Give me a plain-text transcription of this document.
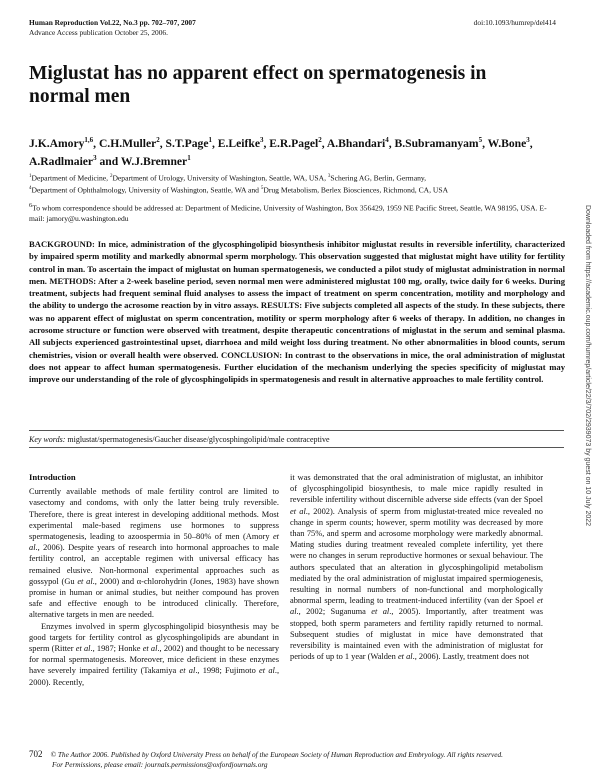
Human Reproduction Vol.22, No.3 pp. 702–707, 2007
Advance Access publication October 25, 2006.
doi:10.1093/humrep/del414
Miglustat has no apparent effect on spermatogenesis in normal men
J.K.Amory$^{1,6}$, C.H.Muller$^2$, S.T.Page$^1$, E.Leifke$^3$, E.R.Pagel$^2$, A.Bhandari$^4$, B.Subramanyam$^5$, W.Bone$^3$, A.Radlmaier$^3$ and W.J.Bremner$^1$
$^1$Department of Medicine, $^2$Department of Urology, University of Washington, Seattle, WA, USA, $^3$Schering AG, Berlin, Germany,
$^4$Department of Ophthalmology, University of Washington, Seattle, WA and $^5$Drug Metabolism, Berlex Biosciences, Richmond, CA, USA
$^6$To whom correspondence should be addressed at: Department of Medicine, University of Washington, Box 356429, 1959 NE Pacific Street, Seattle, WA 98195, USA. E-mail: jamory@u.washington.edu
BACKGROUND: In mice, administration of the glycosphingolipid biosynthesis inhibitor miglustat results in reversible infertility, characterized by impaired sperm motility and markedly abnormal sperm morphology. This observation suggested that miglustat might have utility for fertility control in man. To ascertain the impact of miglustat on human spermatogenesis, we conducted a pilot study of miglustat administration in normal men. METHODS: After a 2-week baseline period, seven normal men were administered miglustat 100 mg, orally, twice daily for 6 weeks. During treatment, subjects had frequent seminal fluid analyses to assess the impact of treatment on sperm concentration, motility and morphology and the ability to undergo the acrosome reaction by in vitro assays. RESULTS: Five subjects completed all aspects of the study. In these subjects, there was no apparent effect of miglustat on sperm concentration, motility or sperm morphology after 6 weeks of therapy. In addition, no changes in acrosome structure or function were observed with treatment, despite therapeutic concentrations of miglustat in the serum and seminal plasma. All subjects experienced gastrointestinal upset, diarrhoea and mild weight loss during treatment. No other abnormalities in blood counts, serum chemistries, vision or overall health were observed. CONCLUSION: In contrast to the observations in mice, the oral administration of miglustat does not appear to affect human spermatogenesis. Further elucidation of the mechanism underlying the species specificity of miglustat may improve our understanding of the role of glycosphingolipids in spermatogenesis and result in alternative approaches to male fertility control.
Key words: miglustat/spermatogenesis/Gaucher disease/glycosphingolipid/male contraceptive
Introduction

Currently available methods of male fertility control are limited to vasectomy and condoms, with only the latter being truly reversible. Therefore, there is great interest in developing additional methods. Most experimental male-based regimens use hormones to suppress spermatogenesis, leading to azoospermia in 50–80% of men (Amory et al., 2006). Despite years of research into hormonal approaches to male fertility control, an acceptable regimen with universal efficacy has remained elusive. Non-hormonal experimental approaches such as gossypol (Gu et al., 2000) and α-chlorohydrin (Jones, 1983) have shown promise in human or animal studies, but neither compound has proven safe and effective enough to be introduced clinically. Therefore, alternative targets in men are needed.

Enzymes involved in sperm glycosphingolipid biosynthesis may be good targets for fertility control as glycosphingolipids are abundant in sperm (Ritter et al., 1987; Honke et al., 2002) and thought to be necessary for normal spermatogenesis. Moreover, mice deficient in these enzymes have severely impaired fertility (Takamiya et al., 1998; Fujimoto et al., 2000). Recently,

it was demonstrated that the oral administration of miglustat, an inhibitor of glycosphingolipid biosynthesis, to male mice rapidly resulted in reversible infertility without discernible adverse side effects (van der Spoel et al., 2002). Analysis of sperm from miglustat-treated mice revealed no change in sperm counts; however, sperm motility was decreased by more than 75%, and sperm and acrosome morphology were markedly abnormal. Mating studies during treatment revealed complete infertility, yet there were no changes in serum reproductive hormones or sexual behaviour. The authors speculated that an alteration in glycosphingolipid metabolism mediated by the oral administration of miglustat impaired spermiogenesis, resulting in normal numbers of non-functional and morphologically abnormal sperm, leading to treatment-induced infertility (van der Spoel et al., 2002; Suganuma et al., 2005). Importantly, after treatment was stopped, both sperm parameters and fertility rapidly returned to normal. Subsequent studies of miglustat in mice have demonstrated that reversibility is maintained even with the administration of miglustat for periods of up to 1 year (Walden et al., 2006). Lastly, treatment does not

702 © The Author 2006. Published by Oxford University Press on behalf of the European Society of Human Reproduction and Embryology. All rights reserved.
For Permissions, please email: journals.permissions@oxfordjournals.org
Downloaded from https://academic.oup.com/humrep/article/22/3/702/2939073 by guest on 10 July 2022
